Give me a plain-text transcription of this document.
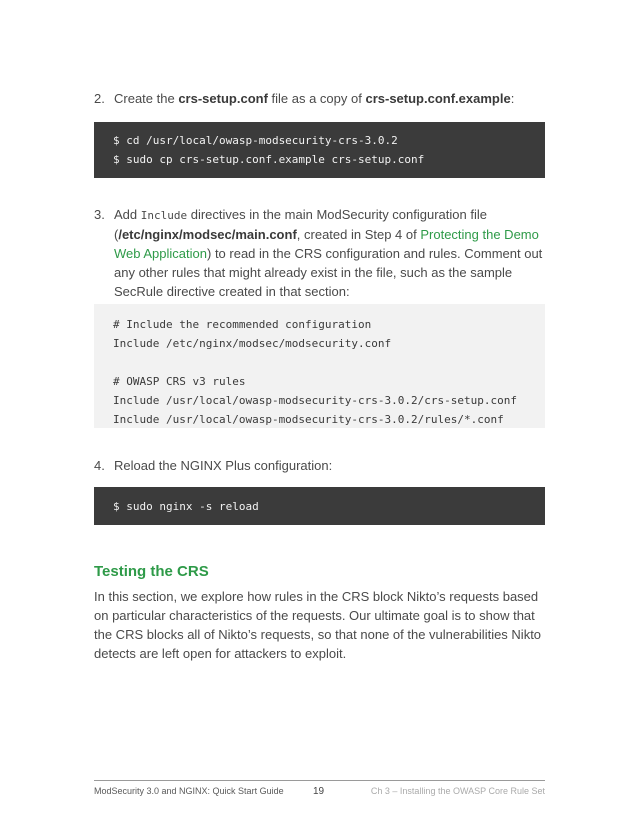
2. Create the crs-setup.conf file as a copy of crs-setup.conf.example:
$ cd /usr/local/owasp-modsecurity-crs-3.0.2
$ sudo cp crs-setup.conf.example crs-setup.conf
3. Add Include directives in the main ModSecurity configuration file (/etc/nginx/modsec/main.conf, created in Step 4 of Protecting the Demo Web Application) to read in the CRS configuration and rules. Comment out any other rules that might already exist in the file, such as the sample SecRule directive created in that section:
# Include the recommended configuration
Include /etc/nginx/modsec/modsecurity.conf
# OWASP CRS v3 rules
Include /usr/local/owasp-modsecurity-crs-3.0.2/crs-setup.conf
Include /usr/local/owasp-modsecurity-crs-3.0.2/rules/*.conf
4. Reload the NGINX Plus configuration:
$ sudo nginx -s reload
Testing the CRS
In this section, we explore how rules in the CRS block Nikto’s requests based on particular characteristics of the requests. Our ultimate goal is to show that the CRS blocks all of Nikto’s requests, so that none of the vulnerabilities Nikto detects are left open for attackers to exploit.
ModSecurity 3.0 and NGINX: Quick Start Guide	19	Ch 3 – Installing the OWASP Core Rule Set
